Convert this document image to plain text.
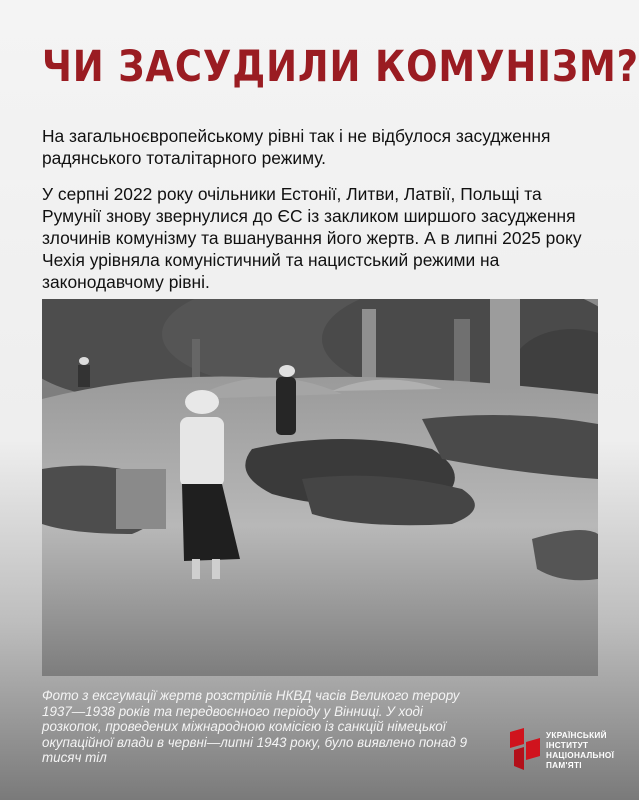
ЧИ ЗАСУДИЛИ КОМУНІЗМ?
На загальноєвропейському рівні так і не відбулося засудження радянського тоталітарного режиму.
У серпні 2022 року очільники Естонії, Литви, Латвії, Польщі та Румунії знову звернулися до ЄС із закликом ширшого засудження злочинів комунізму та вшанування його жертв. А в липні 2025 року Чехія урівняла комуністичний та нацистський режими на законодавчому рівні.
Фото з ексгумації жертв розстрілів НКВД часів Великого терору 1937—1938 років та передвоєнного періоду у Вінниці. У ході розкопок, проведених міжнародною комісією із санкцій німецької окупаційної влади в червні—липні 1943 року, було виявлено понад 9 тисяч тіл
УКРАЇНСЬКИЙ
ІНСТИТУТ
НАЦІОНАЛЬНОЇ
ПАМ'ЯТІ
